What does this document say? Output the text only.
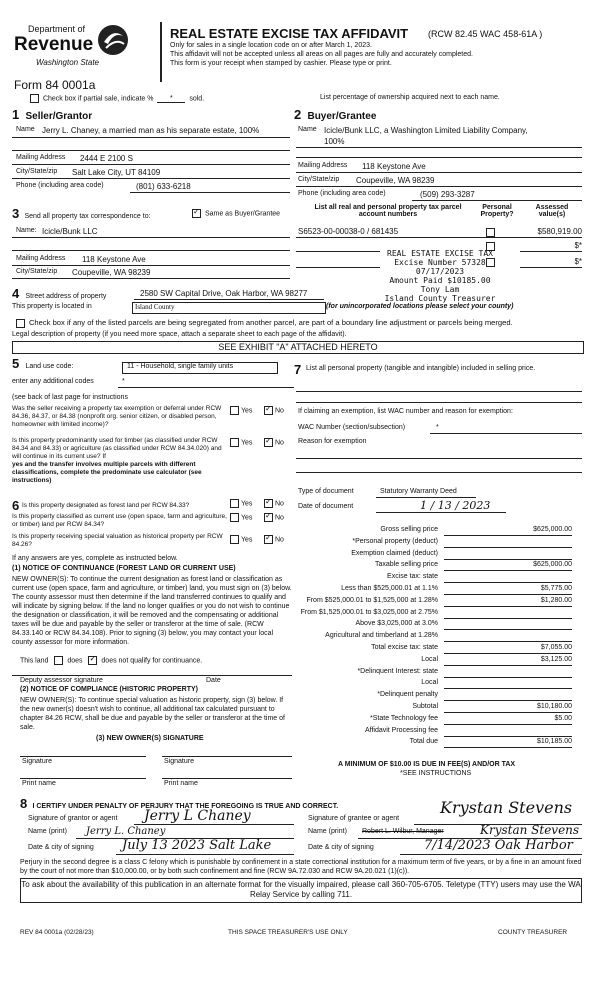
Department of
Revenue
Washington State
Form 84 0001a
REAL ESTATE EXCISE TAX AFFIDAVIT (RCW 82.45 WAC 458-61A )
Only for sales in a single location code on or after March 1, 2023.
This affidavit will not be accepted unless all areas on all pages are fully and accurately completed.
This form is your receipt when stamped by cashier. Please type or print.
Check box if partial sale, indicate % * sold.	List percentage of ownership acquired next to each name.
1 Seller/Grantor
Name Jerry L. Chaney, a married man as his separate estate, 100%
Mailing Address 2444 E 2100 S
City/State/zip Salt Lake City, UT 84109
Phone (including area code)	(801) 633-6218
2 Buyer/Grantee
Name Icicle/Bunk LLC, a Washington Limited Liability Company,
100%
Mailing Address 118 Keystone Ave
City/State/zip Coupeville, WA 98239
Phone (including area code)	(509) 293-3287
3 Send all property tax correspondence to: ✓	Same as Buyer/Grantee
Name: Icicle/Bunk LLC
Mailing Address 118 Keystone Ave
City/State/zip Coupeville, WA 98239
List all real and personal property tax parcel account numbers
Personal Property?
Assessed value(s)
S6523-00-00038-0 / 681435	$580,919.00
$*
$*
REAL ESTATE EXCISE TAX
Excise Number 57328
07/17/2023
Amount Paid $10185.00
Tony Lam
Island County Treasurer
4 Street address of property	2580 SW Capital Drive, Oak Harbor, WA 98277
This property is located in	Island County	(for unincorporated locations please select your county)
Check box if any of the listed parcels are being segregated from another parcel, are part of a boundary line adjustment or parcels being merged.
Legal description of property (if you need more space, attach a separate sheet to each page of the affidavit).
SEE EXHIBIT "A" ATTACHED HERETO
5 Land use code:	11 - Household, single family units
enter any additional codes	*
(see back of last page for instructions
Was the seller receiving a property tax exemption or deferral under RCW 84.36, 84.37, or 84.38 (nonprofit org. senior citizen, or disabled person, homeowner with limited income)?
Yes ✓	No
Is this property predominantly used for timber (as classified under RCW 84.34 and 84.33) or agriculture (as classified under RCW 84.34.020) and will continue in its current use? If
yes and the transfer involves multiple parcels with different classifications, complete the predominate use calculator (see instructions)
Yes ✓	No
7 List all personal property (tangible and intangible) included in selling price.
If claiming an exemption, list WAC number and reason for exemption:
WAC Number (section/subsection)	*
Reason for exemption
Type of document	Statutory Warranty Deed
Date of document	1 / 13 / 2023
6 Is this property designated as forest land per RCW 84.33?	Yes ✓	No
Is this property classified as current use (open space, farm and agriculture, or timber) land per RCW 84.34?
Yes ✓	No
Is this property receiving special valuation as historical property per RCW 84.26?
Yes ✓	No
If any answers are yes, complete as instructed below.
(1) NOTICE OF CONTINUANCE (FOREST LAND OR CURRENT USE)
NEW OWNER(S): To continue the current designation as forest land or classification as current use (open space, farm and agriculture, or timber) land, you must sign on (3) below. The county assessor must then determine if the land transferred continues to qualify and will indicate by signing below. If the land no longer qualifies or you do not wish to continue the designation or classification, it will be removed and the compensating or additional taxes will be due and payable by the seller or transferor at the time of sale. (RCW 84.33.140 or RCW 84.34.108). Prior to signing (3) below, you may contact your local county assessor for more information.
This land	does ✓	does not qualify for continuance.
Deputy assessor signature	Date
(2) NOTICE OF COMPLIANCE (HISTORIC PROPERTY)
NEW OWNER(S): To continue special valuation as historic property, sign (3) below. If the new owner(s) doesn't wish to continue, all additional tax calculated pursuant to chapter 84.26 RCW, shall be due and payable by the seller or transferor at the time of sale.
(3) NEW OWNER(S) SIGNATURE
Signature	Signature
Print name	Print name
Gross selling price	$625,000.00
*Personal property (deduct)
Exemption claimed (deduct)
Taxable selling price	$625,000.00
Excise tax: state
Less than $525,000.01 at 1.1%	$5,775.00
From $525,000.01 to $1,525,000 at 1.28%	$1,280.00
From $1,525,000.01 to $3,025,000 at 2.75%
Above $3,025,000 at 3.0%
Agricultural and timberland at 1.28%
Total excise tax: state	$7,055.00
Local	$3,125.00
*Delinquent Interest: state
Local
*Delinquent penalty
Subtotal	$10,180.00
*State Technology fee	$5.00
Affidavit Processing fee
Total due	$10,185.00
A MINIMUM OF $10.00 IS DUE IN FEE(S) AND/OR TAX
*SEE INSTRUCTIONS
8 I CERTIFY UNDER PENALTY OF PERJURY THAT THE FOREGOING IS TRUE AND CORRECT.
Signature of grantor or agent Jerry L Chaney
Name (print) Jerry L. Chaney
Date & city of signing July 13 2023 Salt Lake
Signature of grantee or agent
Krystan Stevens
Name (print) Robert L. Wilbur, Manager	Krystan Stevens
Date & city of signing	7/14/2023 Oak Harbor
Perjury in the second degree is a class C felony which is punishable by confinement in a state correctional institution for a maximum term of five years, or by a fine in an amount fixed by the court of not more than $10,000.00, or by both such confinement and fine (RCW 9A.72.030 and RCW 9A.20.021 (1)(c)).
To ask about the availability of this publication in an alternate format for the visually impaired, please call 360-705-6705. Teletype (TTY) users may use the WA Relay Service by calling 711.
REV 84 0001a (02/28/23)	THIS SPACE TREASURER'S USE ONLY	COUNTY TREASURER
